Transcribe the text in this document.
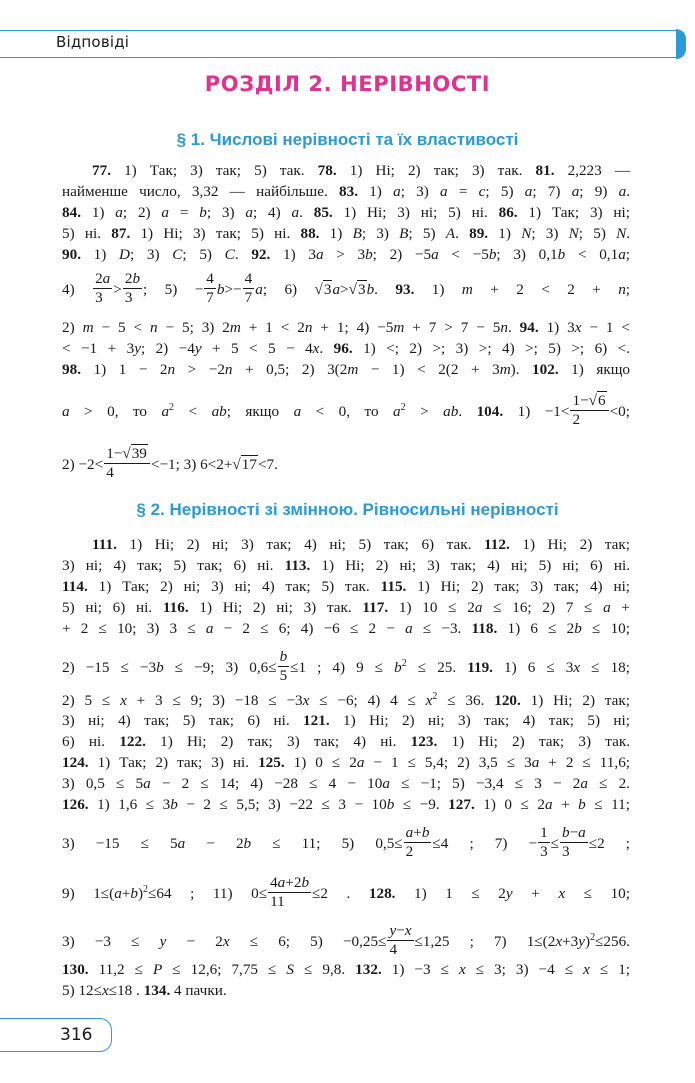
Відповіді
РОЗДІЛ 2. НЕРІВНОСТІ
§ 1. Числові нерівності та їх властивості
77. 1) Так; 3) так; 5) так. 78. 1) Ні; 2) так; 3) так. 81. 2,223 —
найменше число, 3,32 — найбільше. 83. 1) a; 3) a = c; 5) a; 7) a; 9) a.
84. 1) a; 2) a = b; 3) a; 4) a. 85. 1) Ні; 3) ні; 5) ні. 86. 1) Так; 3) ні;
5) ні. 87. 1) Ні; 3) так; 5) ні. 88. 1) B; 3) B; 5) A. 89. 1) N; 3) N; 5) N.
90. 1) D; 3) C; 5) C. 92. 1) 3a > 3b; 2) −5a < −5b; 3) 0,1b < 0,1a;
$4) \frac{2a}{3} > \frac{2b}{3}$ ; $5) - \frac{4}{7} b>- \frac{4}{7} a$; 6) √3a>√3b. 93. 1) m + 2 < 2 + n;
2) m − 5 < n − 5; 3) 2m + 1 < 2n + 1; 4) −5m + 7 > 7 − 5n. 94. 1) 3x − 1 <
< −1 + 3y; 2) −4y + 5 < 5 − 4x. 96. 1) <; 2) >; 3) >; 4) >; 5) >; 6) <.
98. 1) 1 − 2n > −2n + 0,5; 2) 3(2m − 1) < 2(2 + 3m). 102. 1) якщо
a > 0, то $a^2$ < ab; якщо a < 0, то $a^2$ > ab. 104. $1) -1< \frac{1-√6}{2} <0$;
$2) -2< \frac{1-√39}{4} <-1$; 3) 6<2+√17<7.
§ 2. Нерівності зі змінною. Рівносильні нерівності
111. 1) Ні; 2) ні; 3) так; 4) ні; 5) так; 6) так. 112. 1) Ні; 2) так;
3) ні; 4) так; 5) так; 6) ні. 113. 1) Ні; 2) ні; 3) так; 4) ні; 5) ні; 6) ні.
114. 1) Так; 2) ні; 3) ні; 4) так; 5) так. 115. 1) Ні; 2) так; 3) так; 4) ні;
5) ні; 6) ні. 116. 1) Ні; 2) ні; 3) так. 117. 1) 10 ≤ 2a ≤ 16; 2) 7 ≤ a +
+ 2 ≤ 10; 3) 3 ≤ a − 2 ≤ 6; 4) −6 ≤ 2 − a ≤ −3. 118. 1) 6 ≤ 2b ≤ 10;
2) −15 ≤ −3b ≤ −9; 3) $0,6\le \frac{b}{5} \le 1$ ; 4) $9 \le b^2 \le 25$. 119. 1) 6 ≤ 3x ≤ 18;
2) 5 ≤ x + 3 ≤ 9; 3) −18 ≤ −3x ≤ −6; 4) $4 \le x^2 \le 36$. 120. 1) Ні; 2) так;
3) ні; 4) так; 5) так; 6) ні. 121. 1) Ні; 2) ні; 3) так; 4) так; 5) ні;
6) ні. 122. 1) Ні; 2) так; 3) так; 4) ні. 123. 1) Ні; 2) так; 3) так.
124. 1) Так; 2) так; 3) ні. 125. 1) 0 ≤ 2a − 1 ≤ 5,4; 2) 3,5 ≤ 3a + 2 ≤ 11,6;
3) 0,5 ≤ 5a − 2 ≤ 14; 4) −28 ≤ 4 − 10a ≤ −1; 5) −3,4 ≤ 3 − 2a ≤ 2.
126. 1) 1,6 ≤ 3b − 2 ≤ 5,5; 3) −22 ≤ 3 − 10b ≤ −9. 127. 1) 0 ≤ 2a + b ≤ 11;
3) −15 ≤ 5a − 2b ≤ 11; 5) $0,5\le \frac{a+b}{2} \le 4$ ; $7) - \frac{1}{3} \le \frac{b-a}{3} \le 2$ ;
9) $1\le(a+b)^2\le 64$ ; 11) $0\le \frac{4a+2b}{11} \le 2$ . 128. 1) 1 ≤ 2y + x ≤ 10;
3) −3 ≤ y − 2x ≤ 6; $5) -0,25\le \frac{y-x}{4} \le 1,25$ ; 7) $1\le(2x+3y)^2\le 256$.
130. 11,2 ≤ P ≤ 12,6; 7,75 ≤ S ≤ 9,8. 132. 1) −3 ≤ x ≤ 3; 3) −4 ≤ x ≤ 1;
5) 12≤x≤18 . 134. 4 пачки.
316
